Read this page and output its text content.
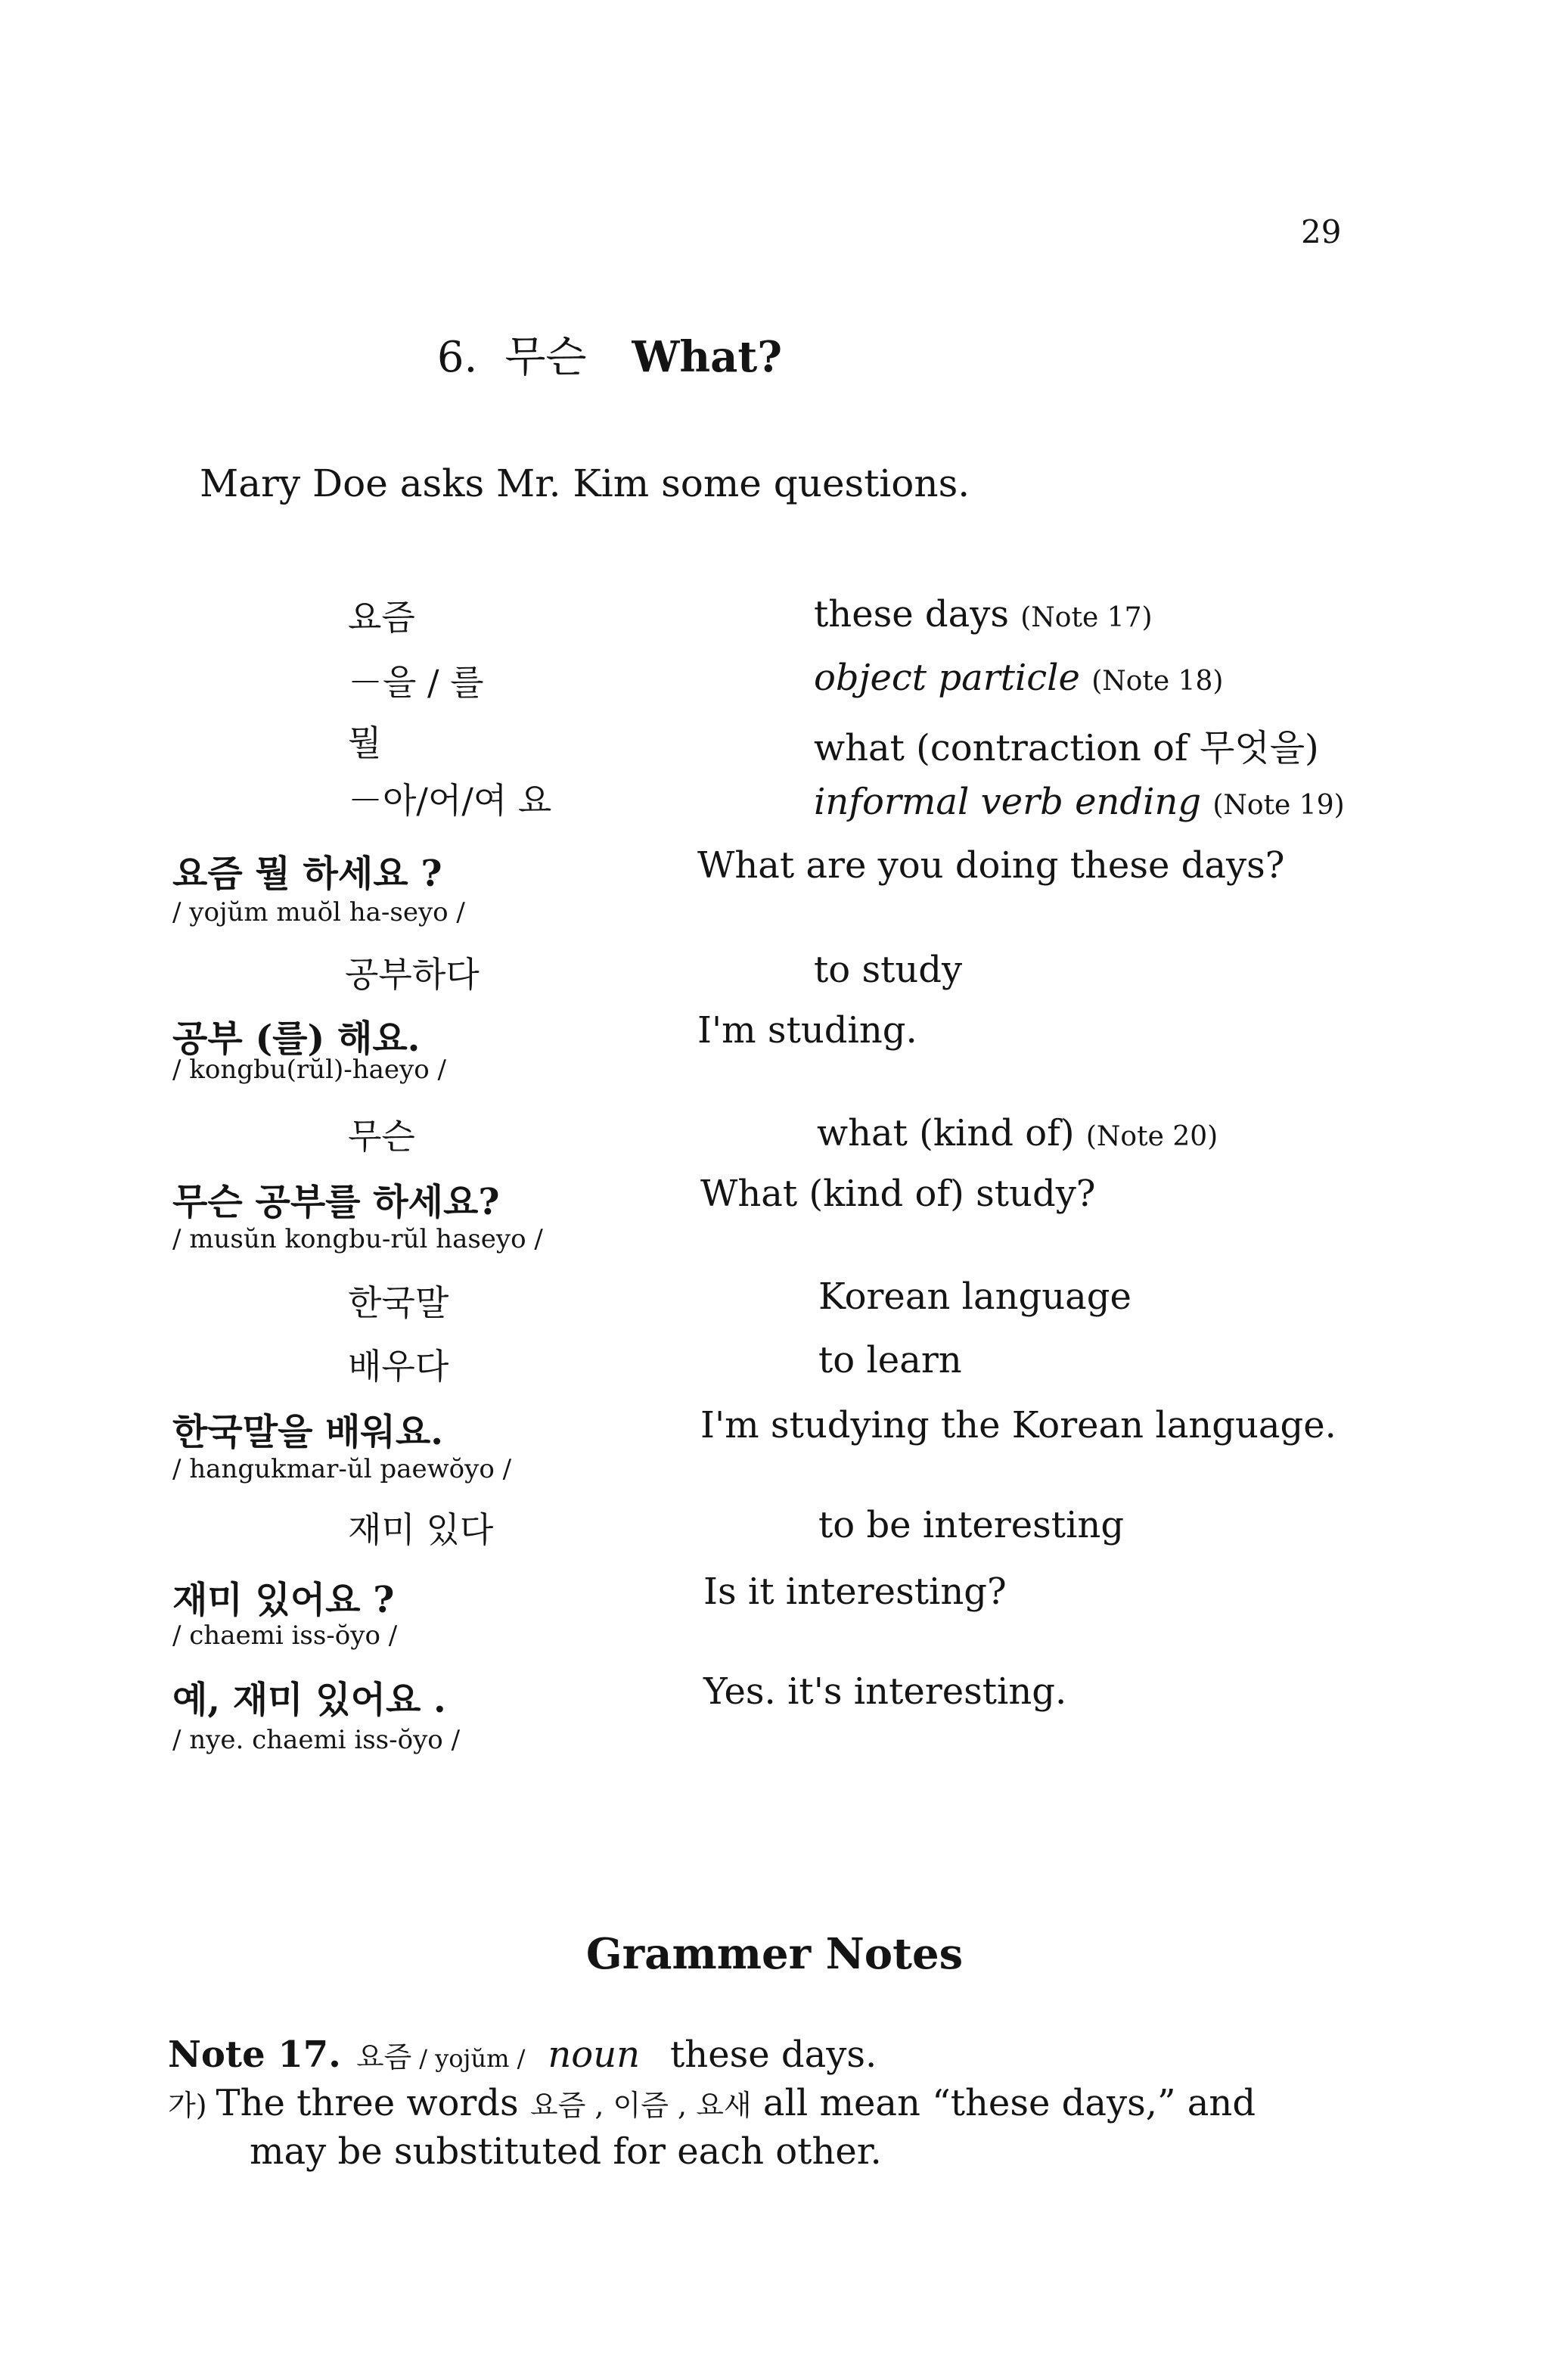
29
6. 무슨 What?
Mary Doe asks Mr. Kim some questions.
요즘	these days (Note 17)
－을 / 를	object particle (Note 18)
뭘	what (contraction of 무엇을)
－아/어/여 요	informal verb ending (Note 19)
요즘 뭘 하세요 ?
/ yojŭm muŏl ha-seyo /
What are you doing these days?
공부하다	to study
공부 (를) 해요.
/ kongbu(rŭl)-haeyo /
I'm studing.
무슨	what (kind of) (Note 20)
무슨 공부를 하세요?
/ musŭn kongbu-rŭl haseyo /
What (kind of) study?
한국말	Korean language
배우다	to learn
한국말을 배워요.
/ hangukmar-ŭl paewŏyo /
I'm studying the Korean language.
재미 있다	to be interesting
재미 있어요 ?
/ chaemi iss-ŏyo /
Is it interesting?
예, 재미 있어요 .
/ nye. chaemi iss-ŏyo /
Yes. it's interesting.
Grammer Notes
Note 17. 요즘 / yojŭm / noun these days.
가) The three words 요즘 , 이즘 , 요새 all mean “these days,” and
may be substituted for each other.
